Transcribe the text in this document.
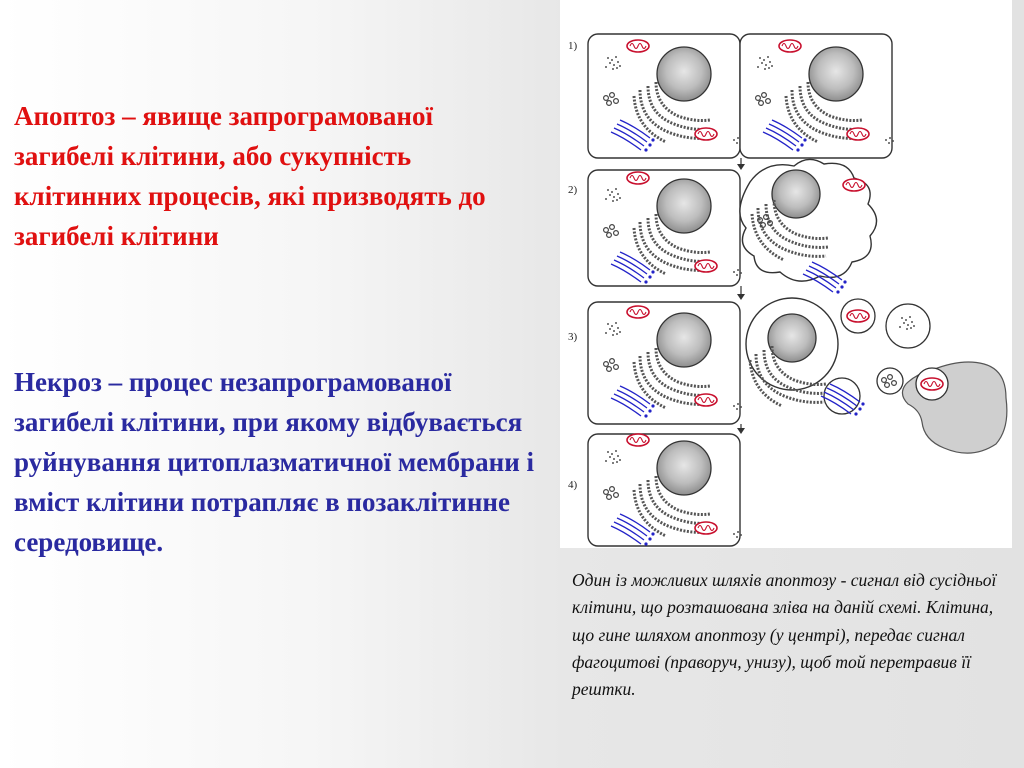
Апоптоз – явище запрограмованої загибелі клітини, або сукупність клітинних процесів, які призводять до загибелі клітини

Некроз – процес незапрограмованої загибелі клітини, при якому відбувається руйнування цитоплазматичної мембрани і вміст клітини потрапляє в позаклітинне середовище.

1)
2)
3)
4)
Один із можливих шляхів апоптозу - сигнал від сусідньої клітини, що розташована зліва на даній схемі. Клітина, що гине шляхом апоптозу (у центрі), передає сигнал фагоцитові (праворуч, унизу), щоб той перетравив її рештки.
